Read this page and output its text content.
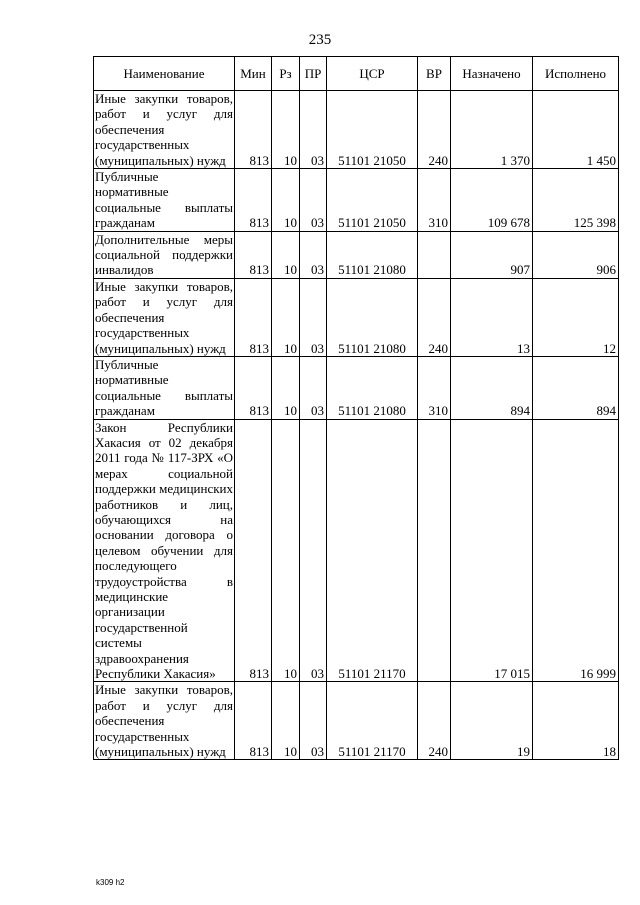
235
Наименование	Мин	Рз	ПР	ЦСР	ВР	Назначено	Исполнено
Иные закупки товаров, работ и услуг для обеспечения государственных (муниципальных) нужд	813	10	03	51101 21050	240	1 370	1 450
Публичные нормативные социальные выплаты гражданам	813	10	03	51101 21050	310	109 678	125 398
Дополнительные меры социальной поддержки инвалидов	813	10	03	51101 21080		907	906
Иные закупки товаров, работ и услуг для обеспечения государственных (муниципальных) нужд	813	10	03	51101 21080	240	13	12
Публичные нормативные социальные выплаты гражданам	813	10	03	51101 21080	310	894	894
Закон Республики Хакасия от 02 декабря 2011 года № 117-ЗРХ «О мерах социальной поддержки медицинских работников и лиц, обучающихся на основании договора о целевом обучении для последующего трудоустройства в медицинские организации государственной системы здравоохранения Республики Хакасия»	813	10	03	51101 21170		17 015	16 999
Иные закупки товаров, работ и услуг для обеспечения государственных (муниципальных) нужд	813	10	03	51101 21170	240	19	18
k309 h2
